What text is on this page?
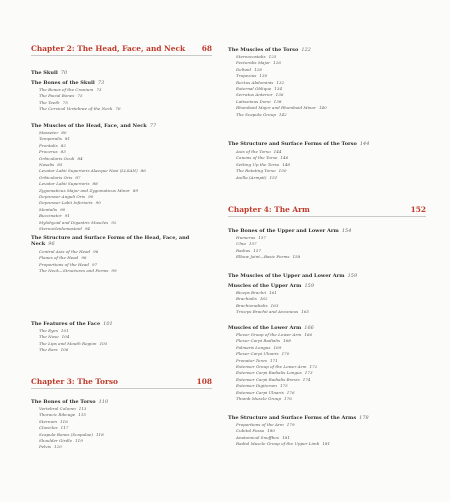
Chapter 2: The Head, Face, and Neck 68
The Skull 70
The Bones of the Skull 73
The Bones of the Cranium 73
The Facial Bones 75
The Teeth 75
The Cervical Vertebrae of the Neck 76
The Muscles of the Head, Face, and Neck 77
Masseter 80
Temporalis 81
Frontalis 82
Procerus 83
Orbicularis Oculi 84
Nasalis 85
Levator Labii Superioris Alaeque Nasi (LLSAN) 86
Orbicularis Oris 87
Levator Labii Superioris 88
Zygomaticus Major and Zygomaticus Minor 89
Depressor Anguli Oris 90
Depressor Labii Inferioris 90
Mentalis 90
Buccinator 91
Mylohyoid and Digastric Muscles 92
Sternocleidomastoid 94
The Structure and Surface Forms of the Head, Face, and Neck 96
Central Axis of the Head 96
Planes of the Head 96
Proportions of the Head 97
The Neck—Structures and Forms 99
The Features of the Face 101
The Eyes 101
The Nose 104
The Lips and Mouth Region 105
The Ears 106
Chapter 3: The Torso	108
The Bones of the Torso 110
Vertebral Column 113
Thoracic Ribcage 115
Sternum 116
Clavicles 117
Scapula Bones (Scapulae) 118
Shoulder Girdle 119
Pelvis 120
The Muscles of the Torso 122
Sternocostalis 125
Pectoralis Major 126
Deltoid 128
Trapezius 130
Rectus Abdominis 132
External Oblique 134
Serratus Anterior 136
Latissimus Dorsi 138
Rhomboid Major and Rhomboid Minor 140
The Scapula Group 142
The Structure and Surface Forms of the Torso 144
Axis of the Torso 144
Canons of the Torso 146
Setting Up the Torso 148
The Rotating Torso 150
Axilla (Armpit) 151
Chapter 4: The Arm	152
The Bones of the Upper and Lower Arm 154
Humerus 157
Ulna 157
Radius 157
Elbow Joint—Basic Forms 158
The Muscles of the Upper and Lower Arm 159
Muscles of the Upper Arm 159
Biceps Brachii 161
Brachialis 162
Brachioradialis 163
Triceps Brachii and Anconeus 165
Muscles of the Lower Arm 166
Flexor Group of the Lower Arm 166
Flexor Carpi Radialis 168
Palmaris Longus 169
Flexor Carpi Ulnaris 170
Pronator Teres 171
Extensor Group of the Lower Arm 172
Extensor Carpi Radialis Longus 173
Extensor Carpi Radialis Brevis 174
Extensor Digitorum 175
Extensor Carpi Ulnaris 176
Thumb Muscle Group 176
The Structure and Surface Forms of the Arms 178
Proportions of the Arm 179
Cubital Fossa 180
Anatomical Snuffbox 181
Radial Muscle Group of the Upper Limb 181
